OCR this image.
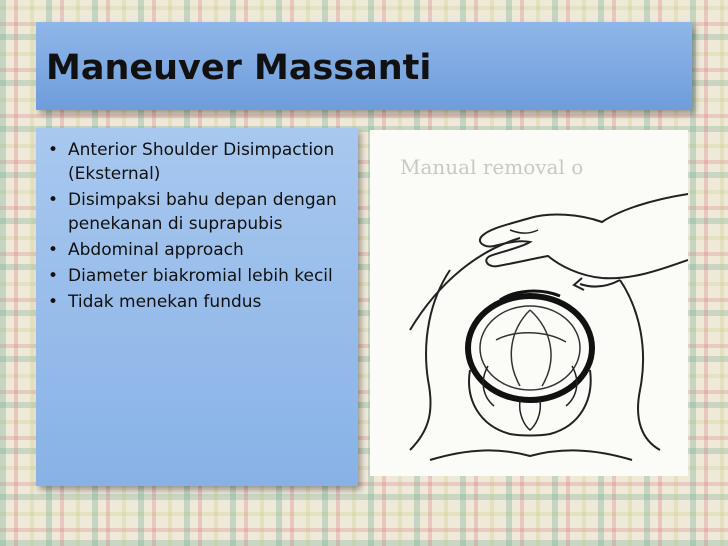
Maneuver Massanti
• Anterior Shoulder Disimpaction (Eksternal)
• Disimpaksi bahu depan dengan penekanan di suprapubis
• Abdominal approach
• Diameter biakromial lebih kecil
• Tidak menekan fundus
Manual removal o
